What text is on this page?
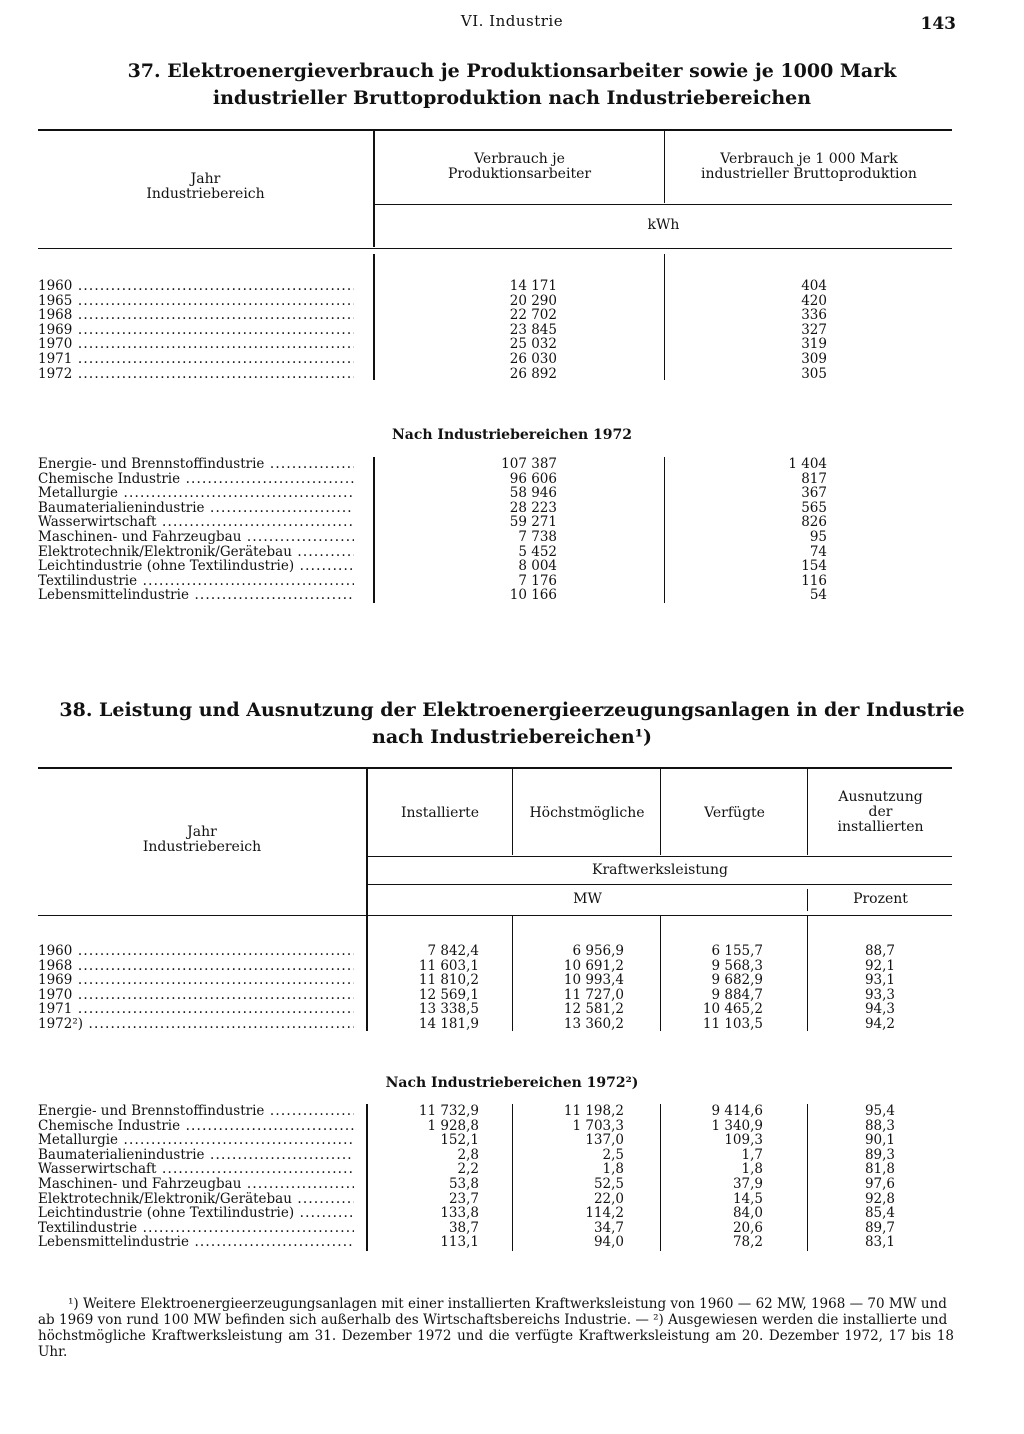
VI. Industrie	143
37. Elektroenergieverbrauch je Produktionsarbeiter sowie je 1000 Mark
industrieller Bruttoproduktion nach Industriebereichen
Jahr
Industriebereich
Verbrauch je
Produktionsarbeiter
Verbrauch je 1 000 Mark
industrieller Bruttoproduktion
kWh
1960 .....	14 171	404
1965 .....	20 290	420
1968 .....	22 702	336
1969 .....	23 845	327
1970 .....	25 032	319
1971 .....	26 030	309
1972 .....	26 892	305
Nach Industriebereichen 1972
Energie- und Brennstoffindustrie .....	107 387	1 404
Chemische Industrie .....	96 606	817
Metallurgie .....	58 946	367
Baumaterialienindustrie .....	28 223	565
Wasserwirtschaft .....	59 271	826
Maschinen- und Fahrzeugbau .....	7 738	95
Elektrotechnik/Elektronik/Gerätebau .....	5 452	74
Leichtindustrie (ohne Textilindustrie) .....	8 004	154
Textilindustrie .....	7 176	116
Lebensmittelindustrie .....	10 166	54
38. Leistung und Ausnutzung der Elektroenergieerzeugungsanlagen in der Industrie
nach Industriebereichen¹)
Jahr
Industriebereich
Installierte	Höchstmögliche	Verfügte
Ausnutzung
der
installierten
Kraftwerksleistung
MW	Prozent
1960 .....	7 842,4	6 956,9	6 155,7	88,7
1968 .....	11 603,1	10 691,2	9 568,3	92,1
1969 .....	11 810,2	10 993,4	9 682,9	93,1
1970 .....	12 569,1	11 727,0	9 884,7	93,3
1971 .....	13 338,5	12 581,2	10 465,2	94,3
1972²) .....	14 181,9	13 360,2	11 103,5	94,2
Nach Industriebereichen 1972²)
Energie- und Brennstoffindustrie .....	11 732,9	11 198,2	9 414,6	95,4
Chemische Industrie .....	1 928,8	1 703,3	1 340,9	88,3
Metallurgie .....	152,1	137,0	109,3	90,1
Baumaterialienindustrie .....	2,8	2,5	1,7	89,3
Wasserwirtschaft .....	2,2	1,8	1,8	81,8
Maschinen- und Fahrzeugbau .....	53,8	52,5	37,9	97,6
Elektrotechnik/Elektronik/Gerätebau .....	23,7	22,0	14,5	92,8
Leichtindustrie (ohne Textilindustrie) .....	133,8	114,2	84,0	85,4
Textilindustrie .....	38,7	34,7	20,6	89,7
Lebensmittelindustrie .....	113,1	94,0	78,2	83,1

¹) Weitere Elektroenergieerzeugungsanlagen mit einer installierten Kraftwerksleistung von 1960 — 62 MW, 1968 — 70 MW und

ab 1969 von rund 100 MW befinden sich außerhalb des Wirtschaftsbereichs Industrie. — ²) Ausgewiesen werden die installierte und

höchstmögliche Kraftwerksleistung am 31. Dezember 1972 und die verfügte Kraftwerksleistung am 20. Dezember 1972, 17 bis 18 Uhr.
